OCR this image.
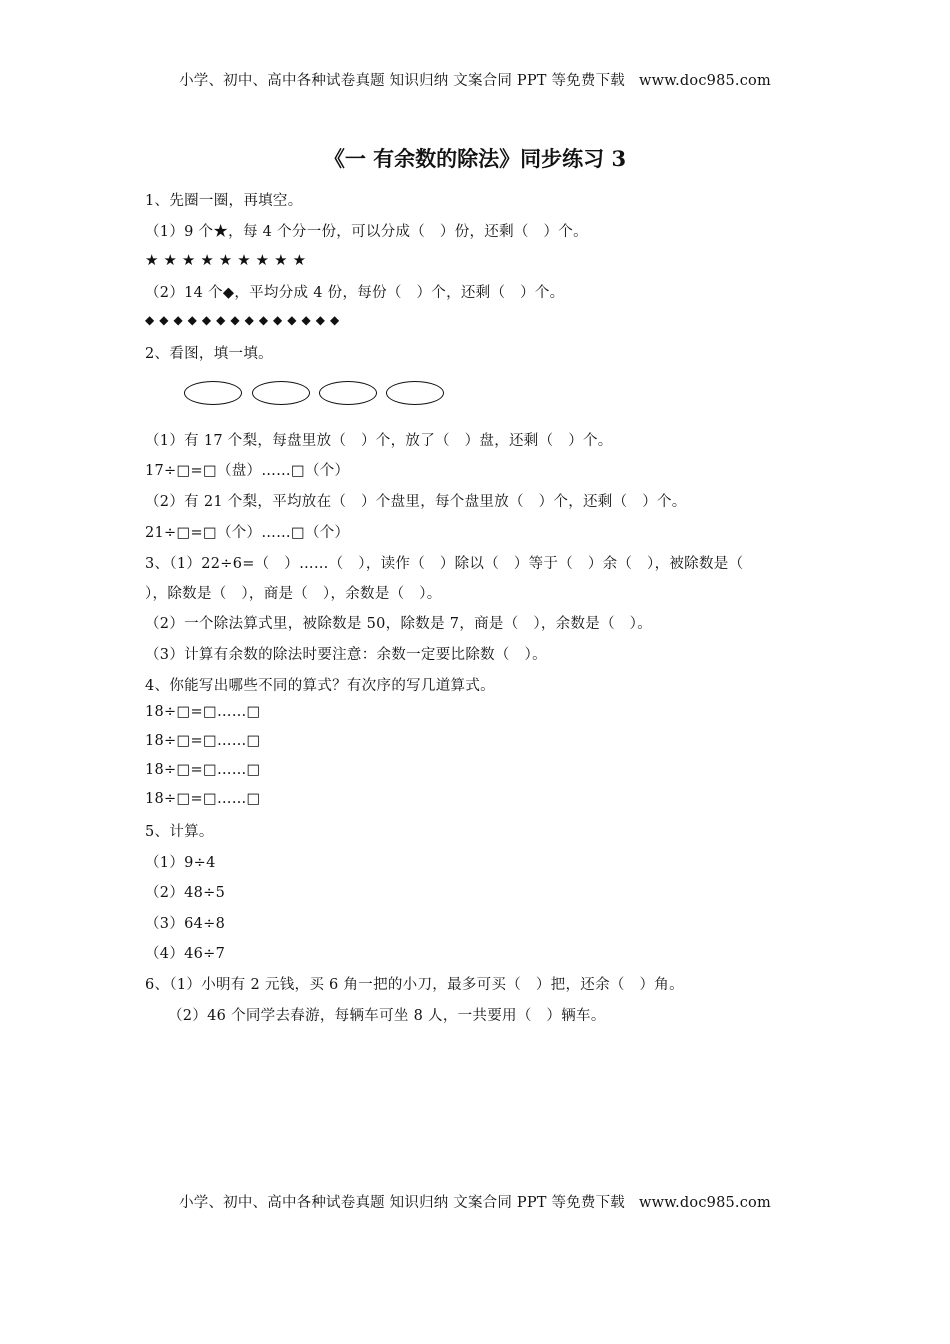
小学、初中、高中各种试卷真题 知识归纳 文案合同 PPT 等免费下载 www.doc985.com
《一 有余数的除法》同步练习 3
1、先圈一圈，再填空。
（1）9 个★，每 4 个分一份，可以分成（　）份，还剩（　）个。
★★★★★★★★★
（2）14 个◆，平均分成 4 份，每份（　）个，还剩（　）个。
◆◆◆◆◆◆◆◆◆◆◆◆◆◆
2、看图，填一填。
（1）有 17 个梨，每盘里放（　）个，放了（　）盘，还剩（　）个。
17÷□=□（盘）……□（个）
（2）有 21 个梨，平均放在（　）个盘里，每个盘里放（　）个，还剩（　）个。
21÷□=□（个）……□（个）
3、（1）22÷6=（　）……（　），读作（　）除以（　）等于（　）余（　），被除数是（
），除数是（　），商是（　），余数是（　）。
（2）一个除法算式里，被除数是 50，除数是 7，商是（　），余数是（　）。
（3）计算有余数的除法时要注意：余数一定要比除数（　）。
4、你能写出哪些不同的算式？有次序的写几道算式。
18÷□=□……□
18÷□=□……□
18÷□=□……□
18÷□=□……□
5、计算。
（1）9÷4
（2）48÷5
（3）64÷8
（4）46÷7
6、（1）小明有 2 元钱，买 6 角一把的小刀，最多可买（　）把，还余（　）角。
（2）46 个同学去春游，每辆车可坐 8 人，一共要用（　）辆车。
小学、初中、高中各种试卷真题 知识归纳 文案合同 PPT 等免费下载 www.doc985.com
